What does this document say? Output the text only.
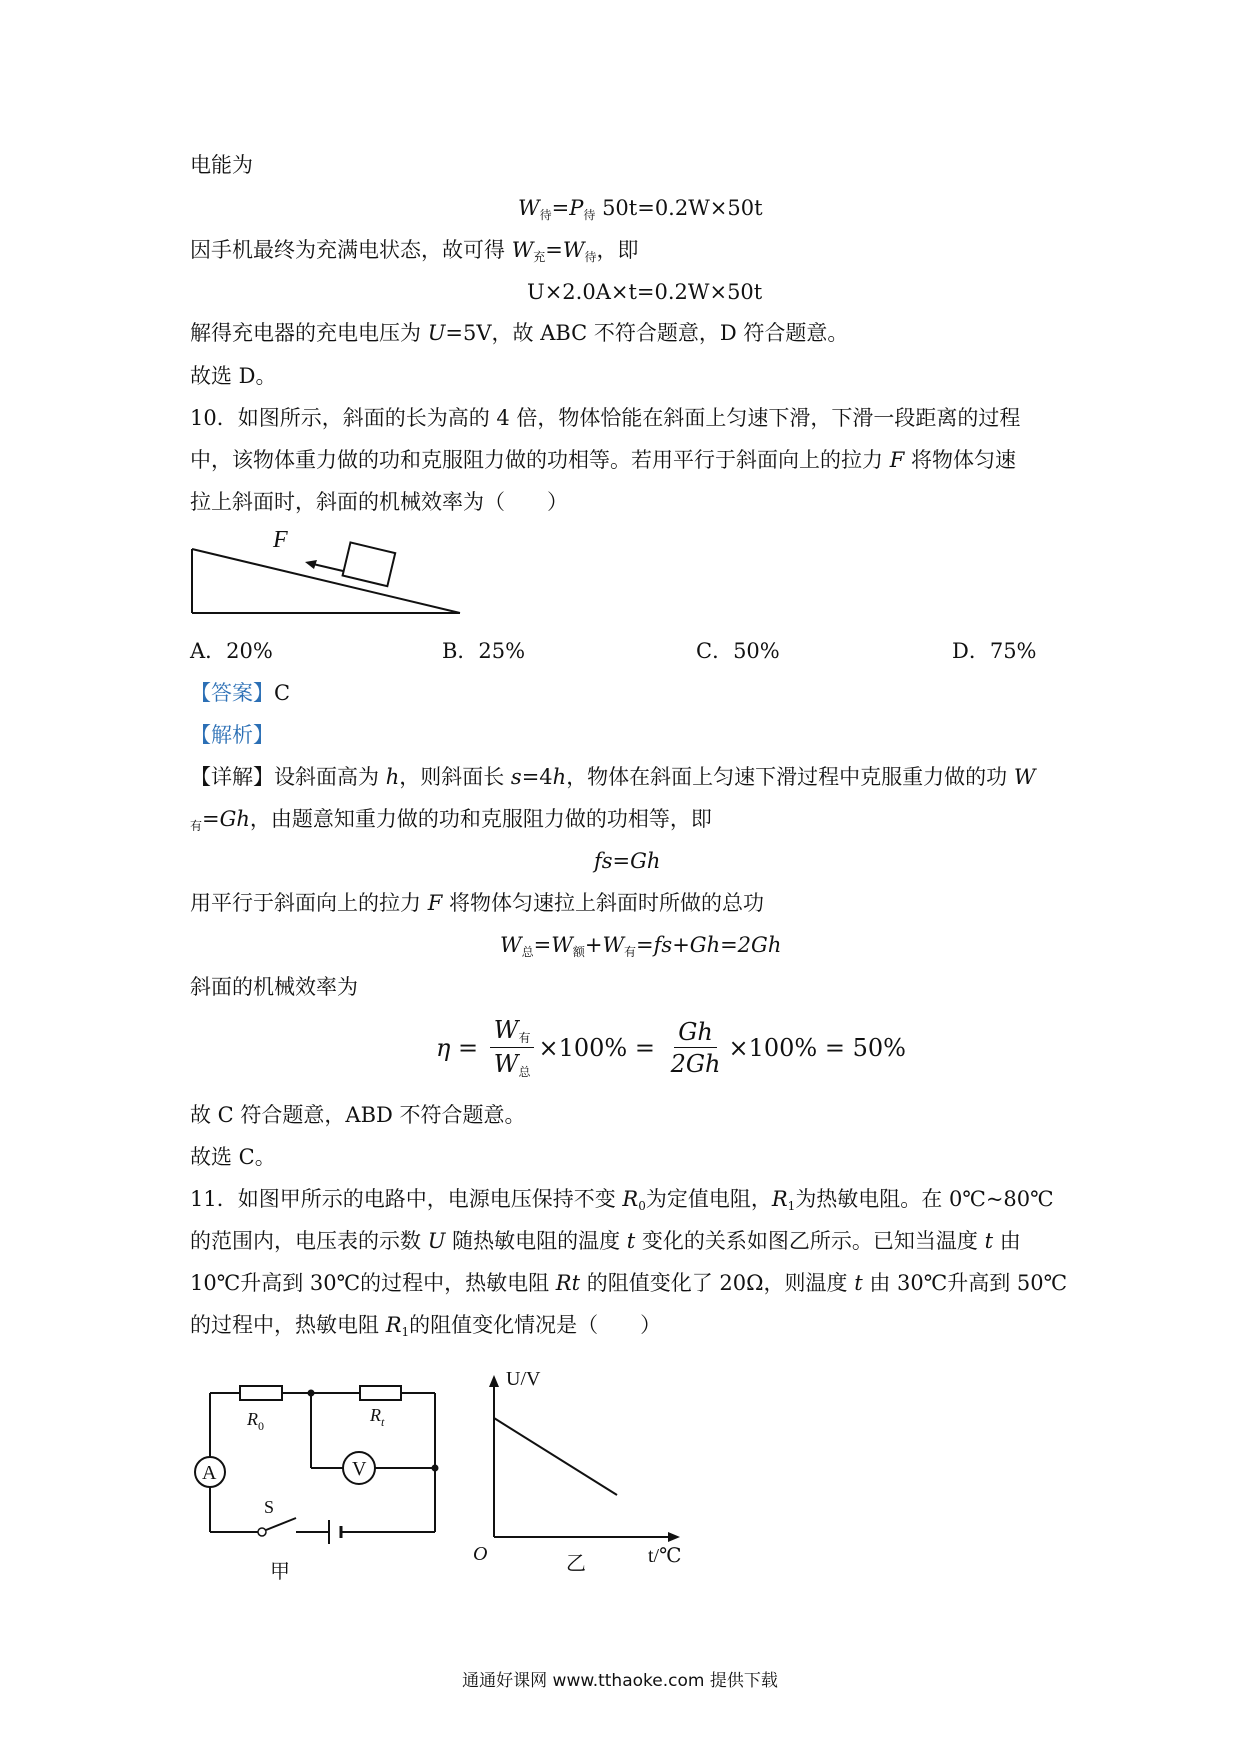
电能为
$W_待=P_待$ 50t=0.2W×50t
因手机最终为充满电状态，故可得 $W_充=W_待$，即
U×2.0A×t=0.2W×50t
解得充电器的充电电压为 U=5V，故 ABC 不符合题意，D 符合题意。
故选 D。
10．如图所示，斜面的长为高的 4 倍，物体恰能在斜面上匀速下滑，下滑一段距离的过程
中，该物体重力做的功和克服阻力做的功相等。若用平行于斜面向上的拉力 F 将物体匀速
拉上斜面时，斜面的机械效率为（　　）
F
A．20%	B．25%	C．50%	D．75%
【答案】C
【解析】
【详解】设斜面高为 h，则斜面长 s=4h，物体在斜面上匀速下滑过程中克服重力做的功 W
$_有$=Gh，由题意知重力做的功和克服阻力做的功相等，即
fs=Gh
用平行于斜面向上的拉力 F 将物体匀速拉上斜面时所做的总功
$W_总=W_额+W_有=fs+Gh=2Gh$
斜面的机械效率为
$\eta = \frac{W_有}{W_总} \times 100\% = \frac{Gh}{2Gh} \times 100\%$
= 50%
故 C 符合题意，ABD 不符合题意。
故选 C。
11．如图甲所示的电路中，电源电压保持不变 $R_0$为定值电阻，$R_1$为热敏电阻。在 0℃~80℃
的范围内，电压表的示数 U 随热敏电阻的温度 t 变化的关系如图乙所示。已知当温度 t 由
10℃升高到 30℃的过程中，热敏电阻 Rt 的阻值变化了 20Ω，则温度 t 由 30℃升高到 50℃
的过程中，热敏电阻 $R_1$的阻值变化情况是（　　）
A	V
$R_0$
$R_t$
S
甲
U/V
O	t/℃
乙
通通好课网 www.tthaoke.com 提供下载
